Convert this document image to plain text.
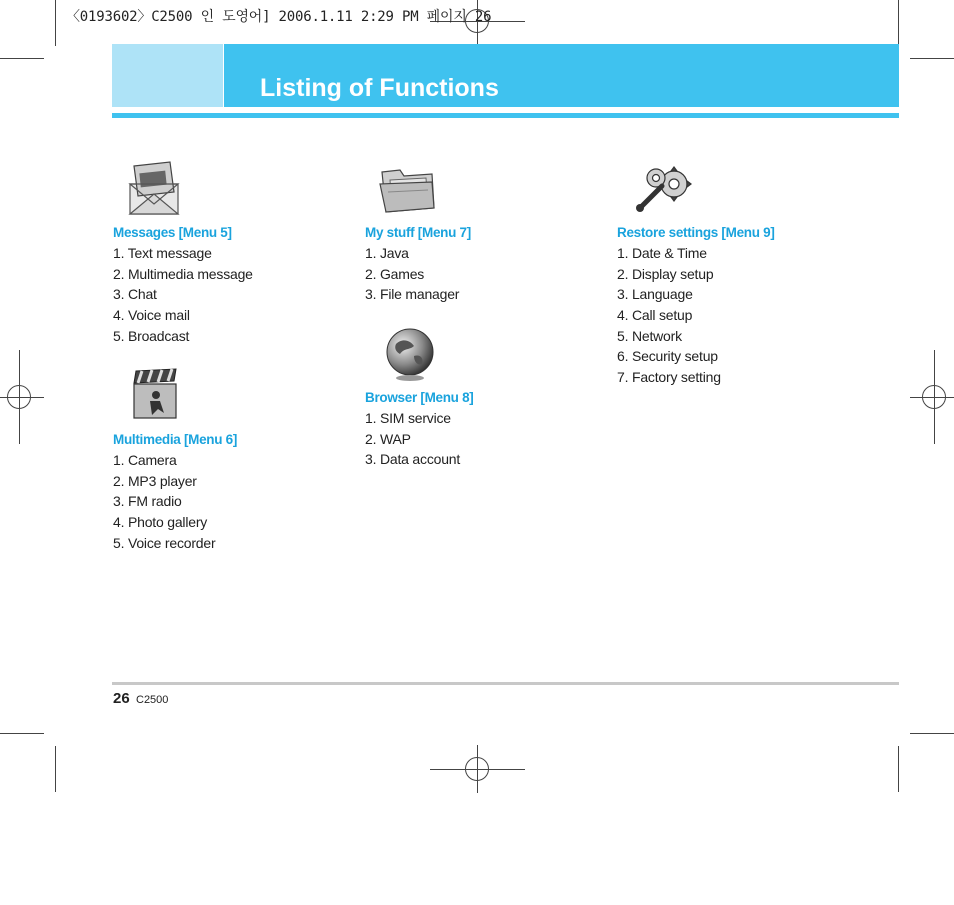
〈0193602〉C2500 인 도영어] 2006.1.11 2:29 PM 페이지 26
Listing of Functions
Messages [Menu 5]
1. Text message
2. Multimedia message
3. Chat
4. Voice mail
5. Broadcast
Multimedia [Menu 6]
1. Camera
2. MP3 player
3. FM radio
4. Photo gallery
5. Voice recorder
My stuff [Menu 7]
1. Java
2. Games
3. File manager
Browser [Menu 8]
1. SIM service
2. WAP
3. Data account
Restore settings [Menu 9]
1. Date & Time
2. Display setup
3. Language
4. Call setup
5. Network
6. Security setup
7. Factory setting
26 C2500
